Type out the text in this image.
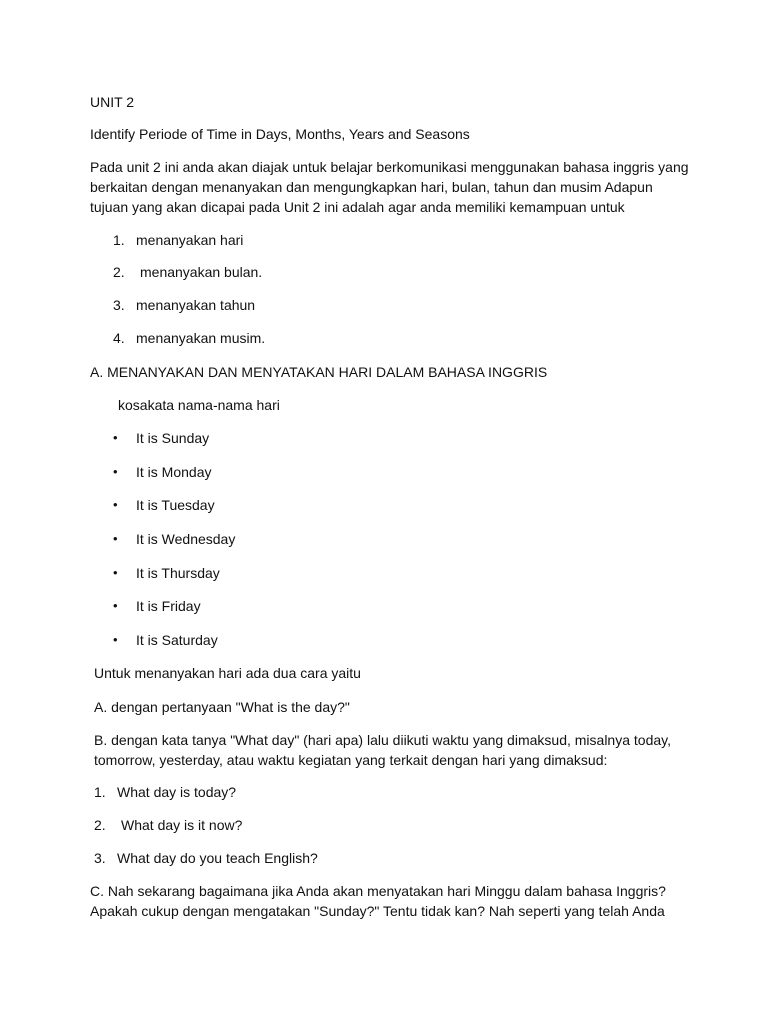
UNIT 2
Identify Periode of Time in Days, Months, Years and Seasons

Pada unit 2 ini anda akan diajak untuk belajar berkomunikasi menggunakan bahasa inggris yang

berkaitan dengan menanyakan dan mengungkapkan hari, bulan, tahun dan musim Adapun

tujuan yang akan dicapai pada Unit 2 ini adalah agar anda memiliki kemampuan untuk

1. menanyakan hari
2. menanyakan bulan.
3. menanyakan tahun
4. menanyakan musim.
A. MENANYAKAN DAN MENYATAKAN HARI DALAM BAHASA INGGRIS
kosakata nama-nama hari
• It is Sunday
• It is Monday
• It is Tuesday
• It is Wednesday
• It is Thursday
• It is Friday
• It is Saturday
Untuk menanyakan hari ada dua cara yaitu
A. dengan pertanyaan "What is the day?"

B. dengan kata tanya "What day" (hari apa) lalu diikuti waktu yang dimaksud, misalnya today,

tomorrow, yesterday, atau waktu kegiatan yang terkait dengan hari yang dimaksud:

1. What day is today?
2. What day is it now?
3. What day do you teach English?

C. Nah sekarang bagaimana jika Anda akan menyatakan hari Minggu dalam bahasa Inggris?

Apakah cukup dengan mengatakan "Sunday?" Tentu tidak kan? Nah seperti yang telah Anda
